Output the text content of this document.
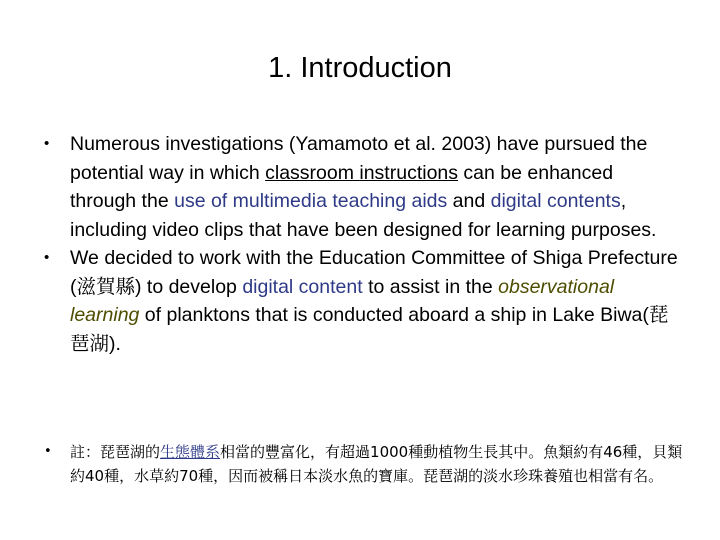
1. Introduction
• Numerous investigations (Yamamoto et al. 2003) have pursued the potential way in which classroom instructions can be enhanced through the use of multimedia teaching aids and digital contents, including video clips that have been designed for learning purposes.
• We decided to work with the Education Committee of Shiga Prefecture (滋賀縣) to develop digital content to assist in the observational learning of planktons that is conducted aboard a ship in Lake Biwa(琵琶湖).
• 註：琵琶湖的生態體系相當的豐富化，有超過1000種動植物生長其中。魚類約有46種，貝類約40種，水草約70種，因而被稱日本淡水魚的寶庫。琵琶湖的淡水珍珠養殖也相當有名。
